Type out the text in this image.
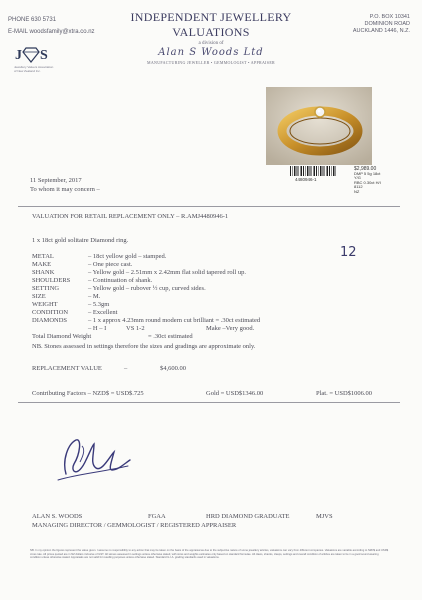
PHONE 630 5731
E-MAIL woodsfamily@xtra.co.nz
INDEPENDENT JEWELLERY VALUATIONS
a division of
Alan S Woods Ltd
MANUFACTURING JEWELLER • GEMMOLOGIST • APPRAISER
P.O. BOX 10341
DOMINION ROAD
AUCKLAND 1446, N.Z.
J S
Jewellery Valuers Association of New Zealand Inc.
4480946-1
$2,989.00
DMP 5 5g 18ct Y/G
RBC 0.30ct H/I
8112
NZ
11 September, 2017
To whom it may concern –
VALUATION FOR RETAIL REPLACEMENT ONLY – R.AMJ4480946-1
1 x 18ct gold solitaire Diamond ring.
12
METAL	– 18ct yellow gold – stamped.
MAKE	– One piece cast.
SHANK	– Yellow gold – 2.51mm x 2.42mm flat solid tapered roll up.
SHOULDERS	– Continuation of shank.
SETTING	– Yellow gold – rubover ½ cup, curved sides.
SIZE	– M.
WEIGHT	– 5.3gm
CONDITION	– Excellent
DIAMONDS	– 1 x approx 4.23mm round modern cut brilliant = .30ct estimated
– H – I	VS 1-2	Make –Very good.
Total Diamond Weight	= .30ct estimated
NB. Stones assessed in settings therefore the sizes and gradings are approximate only.
REPLACEMENT VALUE	–	$4,600.00
Contributing Factors – NZD$ = USD$.725	Gold = USD$1346.00	Plat. = USD$1006.00
ALAN S. WOODS	FGAA	HRD DIAMOND GRADUATE	MJVS
MANAGING DIRECTOR / GEMMOLOGIST / REGISTERED APPRAISER
NB. In my opinion the figures represent the value given. I assume no responsibility to any action that may be taken on the basis of the appraisal as due to the subjective nature of some jewellery articles, valuations can vary from different companies. Valuations are variable according to NZD$ and USD$ cross rate. All prices quoted are in NZ dollars inclusive of GST. All stones assessed in settings unless otherwise stated, with sizes and weights estimates only based on standard formulae. All claws, shanks, clasps, settings and overall condition of articles are taken to be in a good sound wearing condition unless otherwise stated. Appraisals are not valid for reselling purposes unless otherwise stated. Standard G.I.A. grading standards used in valuations.
